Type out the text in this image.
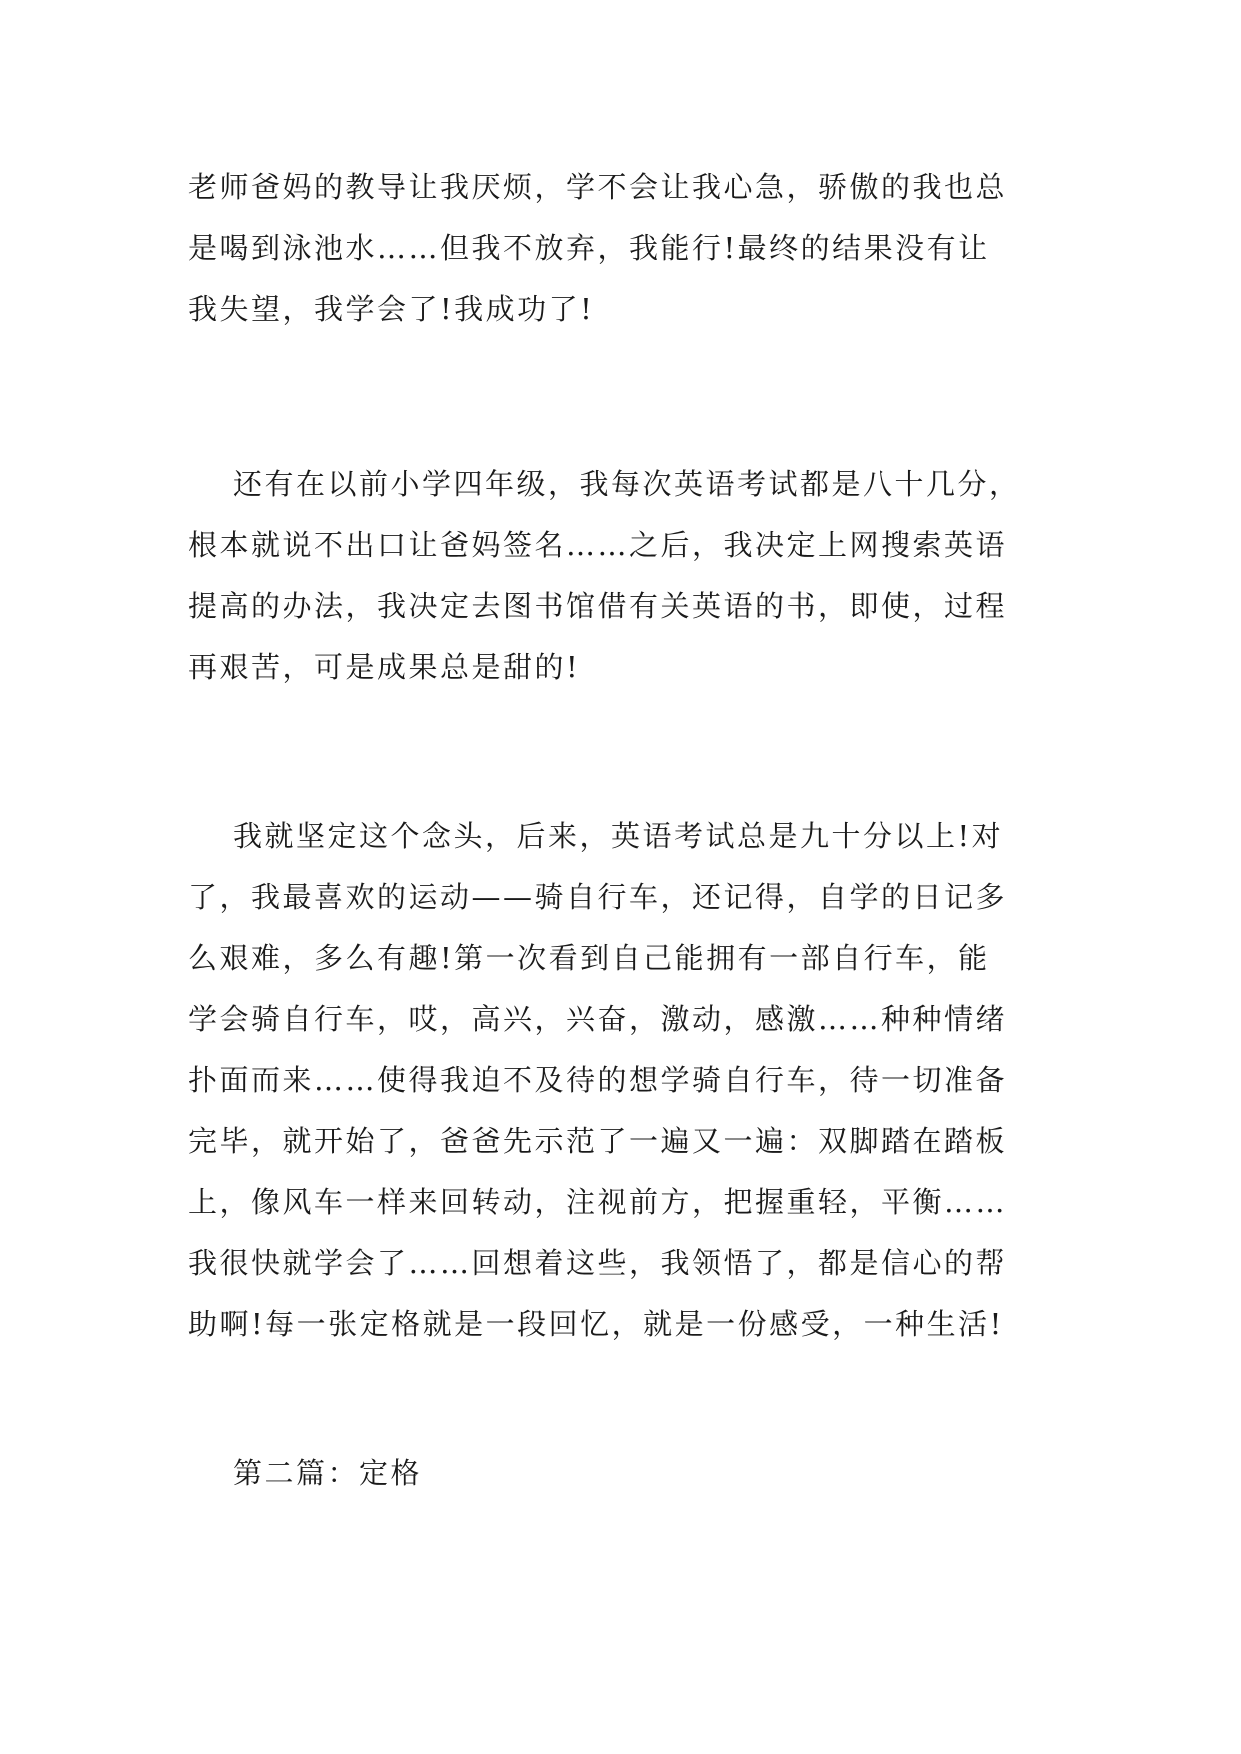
老师爸妈的教导让我厌烦，学不会让我心急，骄傲的我也总
是喝到泳池水……但我不放弃，我能行!最终的结果没有让
我失望，我学会了!我成功了!

还有在以前小学四年级，我每次英语考试都是八十几分，
根本就说不出口让爸妈签名……之后，我决定上网搜索英语
提高的办法，我决定去图书馆借有关英语的书，即使，过程
再艰苦，可是成果总是甜的!

我就坚定这个念头，后来，英语考试总是九十分以上!对
了，我最喜欢的运动——骑自行车，还记得，自学的日记多
么艰难，多么有趣!第一次看到自己能拥有一部自行车，能
学会骑自行车，哎，高兴，兴奋，激动，感激……种种情绪
扑面而来……使得我迫不及待的想学骑自行车，待一切准备
完毕，就开始了，爸爸先示范了一遍又一遍：双脚踏在踏板
上，像风车一样来回转动，注视前方，把握重轻，平衡……
我很快就学会了……回想着这些，我领悟了，都是信心的帮
助啊!每一张定格就是一段回忆，就是一份感受，一种生活!

第二篇：定格
